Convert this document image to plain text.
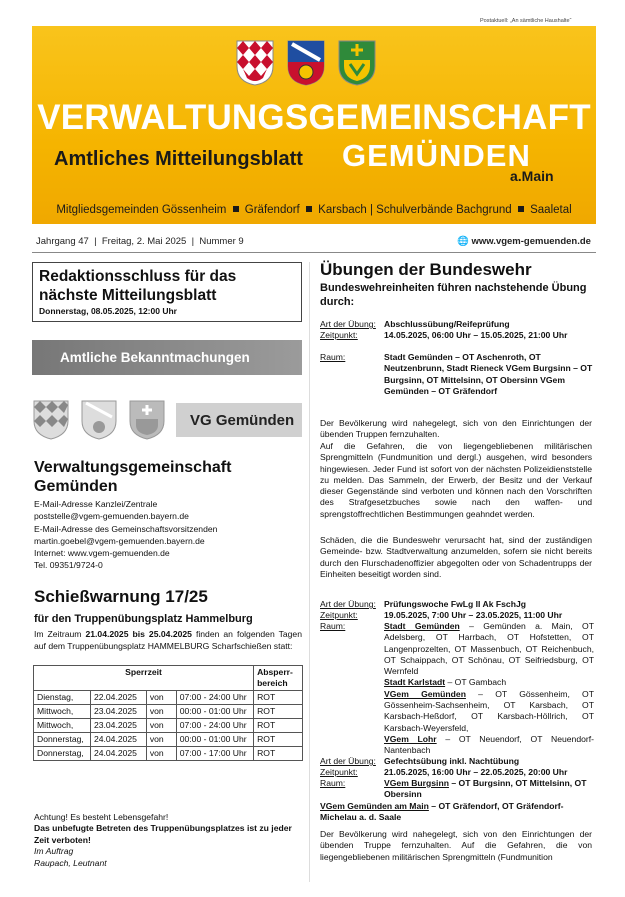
Postaktuell: „An sämtliche Haushalte“
VERWALTUNGSGEMEINSCHAFT
Amtliches Mitteilungsblatt GEMÜNDEN
a.Main
Mitgliedsgemeinden Gössenheim Gräfendorf Karsbach | Schulverbände Bachgrund Saaletal
Jahrgang 47  |  Freitag, 2. Mai 2025  |  Nummer 9	🌐 www.vgem-gemuenden.de
Redaktionsschluss für das nächste Mitteilungsblatt
Donnerstag, 08.05.2025, 12:00 Uhr
Amtliche Bekanntmachungen
VG Gemünden
Verwaltungsgemeinschaft Gemünden
E-Mail-Adresse Kanzlei/Zentrale
poststelle@vgem-gemuenden.bayern.de
E-Mail-Adresse des Gemeinschaftsvorsitzenden
martin.goebel@vgem-gemuenden.bayern.de
Internet: www.vgem-gemuenden.de
Tel. 09351/9724-0
Schießwarnung 17/25
für den Truppenübungsplatz Hammelburg
Im Zeitraum 21.04.2025 bis 25.04.2025 finden an folgenden Tagen auf dem Truppenübungsplatz HAMMELBURG Scharfschießen statt:
Sperrzeit				Absperr-bereich
Dienstag,	22.04.2025	von	07:00 - 24:00 Uhr	ROT
Mittwoch,	23.04.2025	von	00:00 - 01:00 Uhr	ROT
Mittwoch,	23.04.2025	von	07:00 - 24:00 Uhr	ROT
Donnerstag,	24.04.2025	von	00:00 - 01:00 Uhr	ROT
Donnerstag,	24.04.2025	von	07:00 - 17:00 Uhr	ROT
Achtung! Es besteht Lebensgefahr!
Das unbefugte Betreten des Truppenübungsplatzes ist zu jeder Zeit verboten!
Im Auftrag
Raupach, Leutnant
Übungen der Bundeswehr
Bundeswehreinheiten führen nachstehende Übung durch:
Art der Übung: Abschlussübung/Reifeprüfung
Zeitpunkt:	14.05.2025, 06:00 Uhr – 15.05.2025, 21:00 Uhr
Raum:	Stadt Gemünden – OT Aschenroth, OT Neutzenbrunn, Stadt Rieneck VGem Burgsinn – OT Burgsinn, OT Mittelsinn, OT Obersinn VGem Gemünden – OT Gräfendorf
Der Bevölkerung wird nahegelegt, sich von den Einrichtungen der übenden Truppen fernzuhalten.
Auf die Gefahren, die von liegengebliebenen militärischen Sprengmitteln (Fundmunition und dergl.) ausgehen, wird besonders hingewiesen. Jeder Fund ist sofort von der nächsten Polizeidienststelle zu melden. Das Sammeln, der Erwerb, der Besitz und der Verkauf dieser Gegenstände sind verboten und können nach den Vorschriften des Strafgesetzbuches sowie nach den waffen- und sprengstoffrechtlichen Bestimmungen geahndet werden.
Schäden, die die Bundeswehr verursacht hat, sind der zuständigen Gemeinde- bzw. Stadtverwaltung anzumelden, sofern sie nicht bereits durch den Flurschadenoffizier abgegolten oder von Schadentrupps der Einheiten beseitigt worden sind.
Art der Übung: Prüfungswoche FwLg II Ak FschJg
Zeitpunkt:	19.05.2025, 7:00 Uhr – 23.05.2025, 11:00 Uhr
Raum:	Stadt Gemünden – Gemünden a. Main, OT Adelsberg, OT Harrbach, OT Hofstetten, OT Langenprozelten, OT Massenbuch, OT Reichenbuch, OT Schaippach, OT Schönau, OT Seifriedsburg, OT Wernfeld
Stadt Karlstadt – OT Gambach
VGem Gemünden – OT Gössenheim, OT Gössenheim-Sachsenheim, OT Karsbach, OT Karsbach-Heßdorf, OT Karsbach-Höllrich, OT Karsbach-Weyersfeld,
VGem Lohr – OT Neuendorf, OT Neuendorf-Nantenbach
Art der Übung: Gefechtsübung inkl. Nachtübung
Zeitpunkt:	21.05.2025, 16:00 Uhr – 22.05.2025, 20:00 Uhr
Raum:	VGem Burgsinn – OT Burgsinn, OT Mittelsinn, OT Obersinn
VGem Gemünden am Main – OT Gräfendorf, OT Gräfendorf-Michelau a. d. Saale
Der Bevölkerung wird nahegelegt, sich von den Einrichtungen der übenden Truppe fernzuhalten. Auf die Gefahren, die von liegengebliebenen militärischen Sprengmitteln (Fundmunition
